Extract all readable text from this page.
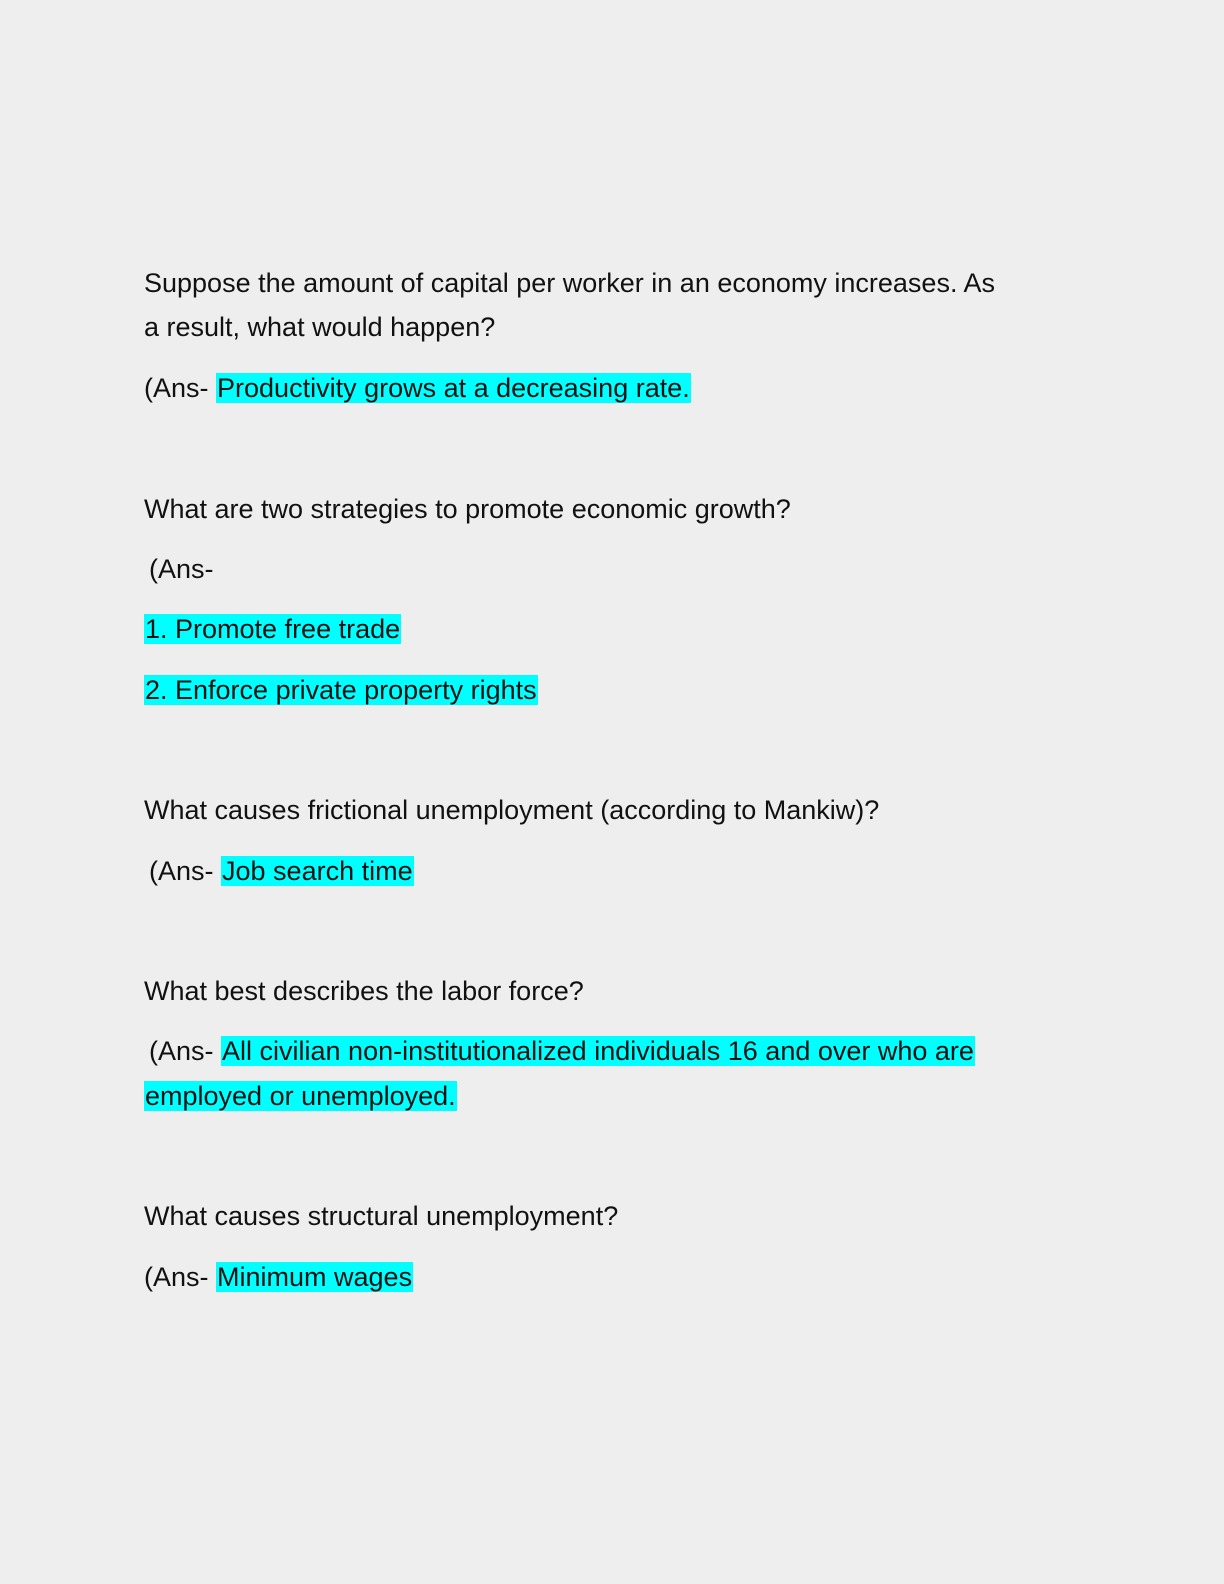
Suppose the amount of capital per worker in an economy increases. As
a result, what would happen?
(Ans- Productivity grows at a decreasing rate.
What are two strategies to promote economic growth?
(Ans-
1. Promote free trade
2. Enforce private property rights
What causes frictional unemployment (according to Mankiw)?
(Ans- Job search time
What best describes the labor force?
(Ans- All civilian non-institutionalized individuals 16 and over who are
employed or unemployed.
What causes structural unemployment?
(Ans- Minimum wages
